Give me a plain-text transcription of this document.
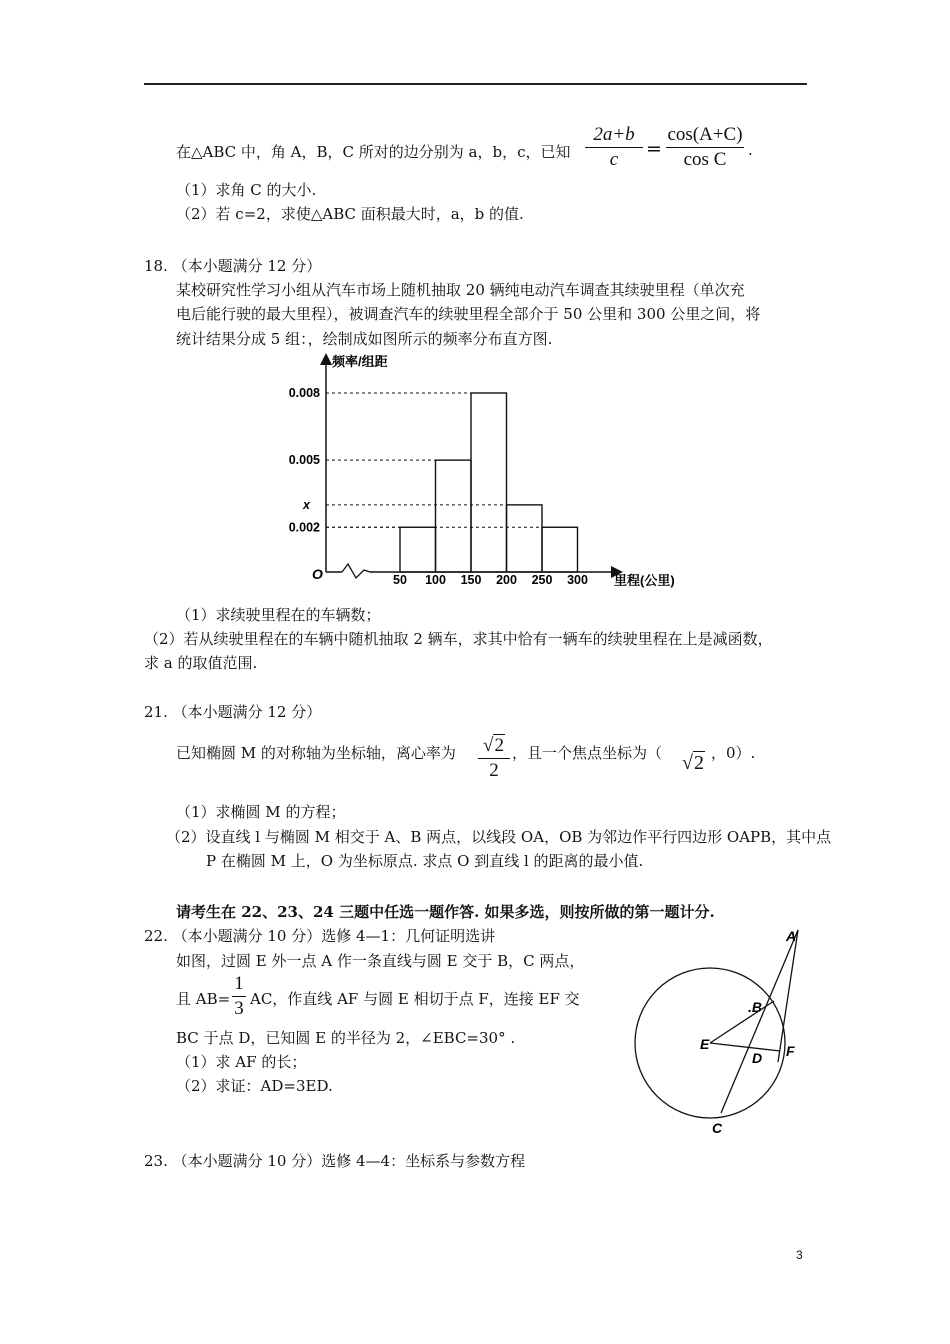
在△ABC 中，角 A，B，C 所对的边分别为 a，b，c，已知
2a+b
c	=
cos(A+C)
cos C	.
（1）求角 C 的大小.
（2）若 c=2，求使△ABC 面积最大时，a，b 的值.
18. （本小题满分 12 分）
某校研究性学习小组从汽车市场上随机抽取 20 辆纯电动汽车调查其续驶里程（单次充
电后能行驶的最大里程），被调查汽车的续驶里程全部介于 50 公里和 300 公里之间，将
统计结果分成 5 组：，绘制成如图所示的频率分布直方图.
频率/组距
里程(公里)
O
0.002
x
0.005
0.008
50 100 150 200 250 300
（1）求续驶里程在的车辆数；
（2）若从续驶里程在的车辆中随机抽取 2 辆车，求其中恰有一辆车的续驶里程在上是减函数，
求 a 的取值范围.
21. （本小题满分 12 分）
已知椭圆 M 的对称轴为坐标轴，离心率为 √2
2
，且一个焦点坐标为（ √2 ，0）.
（1）求椭圆 M 的方程；
（2）设直线 l 与椭圆 M 相交于 A、B 两点，以线段 OA，OB 为邻边作平行四边形 OAPB，其中点
P 在椭圆 M 上，O 为坐标原点. 求点 O 到直线 l 的距离的最小值.
请考生在 22、23、24 三题中任选一题作答. 如果多选，则按所做的第一题计分.
22. （本小题满分 10 分）选修 4—1：几何证明选讲
如图，过圆 E 外一点 A 作一条直线与圆 E 交于 B，C 两点，
且 AB=
1
3 AC，作直线 AF 与圆 E 相切于点 F，连接 EF 交
BC 于点 D，已知圆 E 的半径为 2，∠EBC=30° .
（1）求 AF 的长；
（2）求证：AD=3ED.
A
.B
C
D
E	F
23. （本小题满分 10 分）选修 4—4：坐标系与参数方程
3
